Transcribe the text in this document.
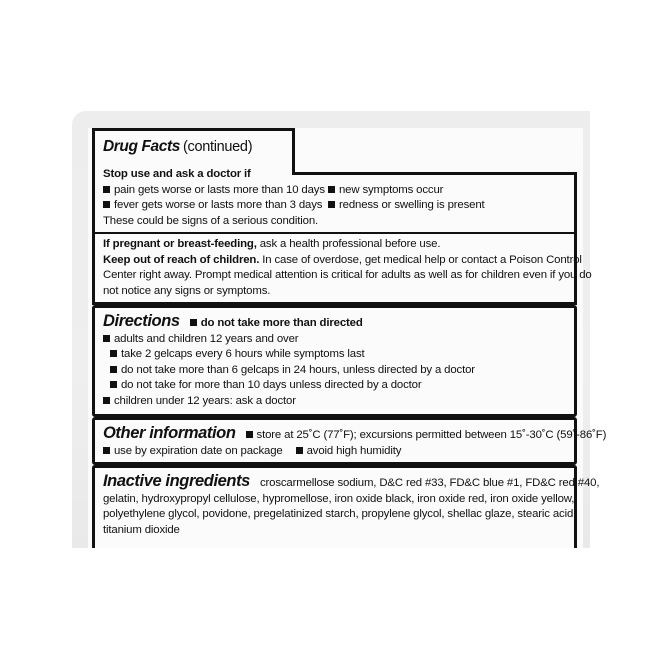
Drug Facts (continued)
Stop use and ask a doctor if
pain gets worse or lasts more than 10 days
fever gets worse or lasts more than 3 days
These could be signs of a serious condition.
new symptoms occur
redness or swelling is present
If pregnant or breast-feeding, ask a health professional before use.
Keep out of reach of children. In case of overdose, get medical help or contact a Poison Control
Center right away. Prompt medical attention is critical for adults as well as for children even if you do
not notice any signs or symptoms.
Directions do not take more than directed
adults and children 12 years and over
take 2 gelcaps every 6 hours while symptoms last
do not take more than 6 gelcaps in 24 hours, unless directed by a doctor
do not take for more than 10 days unless directed by a doctor
children under 12 years: ask a doctor
Other information store at 25˚C (77˚F); excursions permitted between 15˚-30˚C (59˚-86˚F)
use by expiration date on package avoid high humidity
Inactive ingredients croscarmellose sodium, D&C red #33, FD&C blue #1, FD&C red #40,
gelatin, hydroxypropyl cellulose, hypromellose, iron oxide black, iron oxide red, iron oxide yellow,
polyethylene glycol, povidone, pregelatinized starch, propylene glycol, shellac glaze, stearic acid,
titanium dioxide
